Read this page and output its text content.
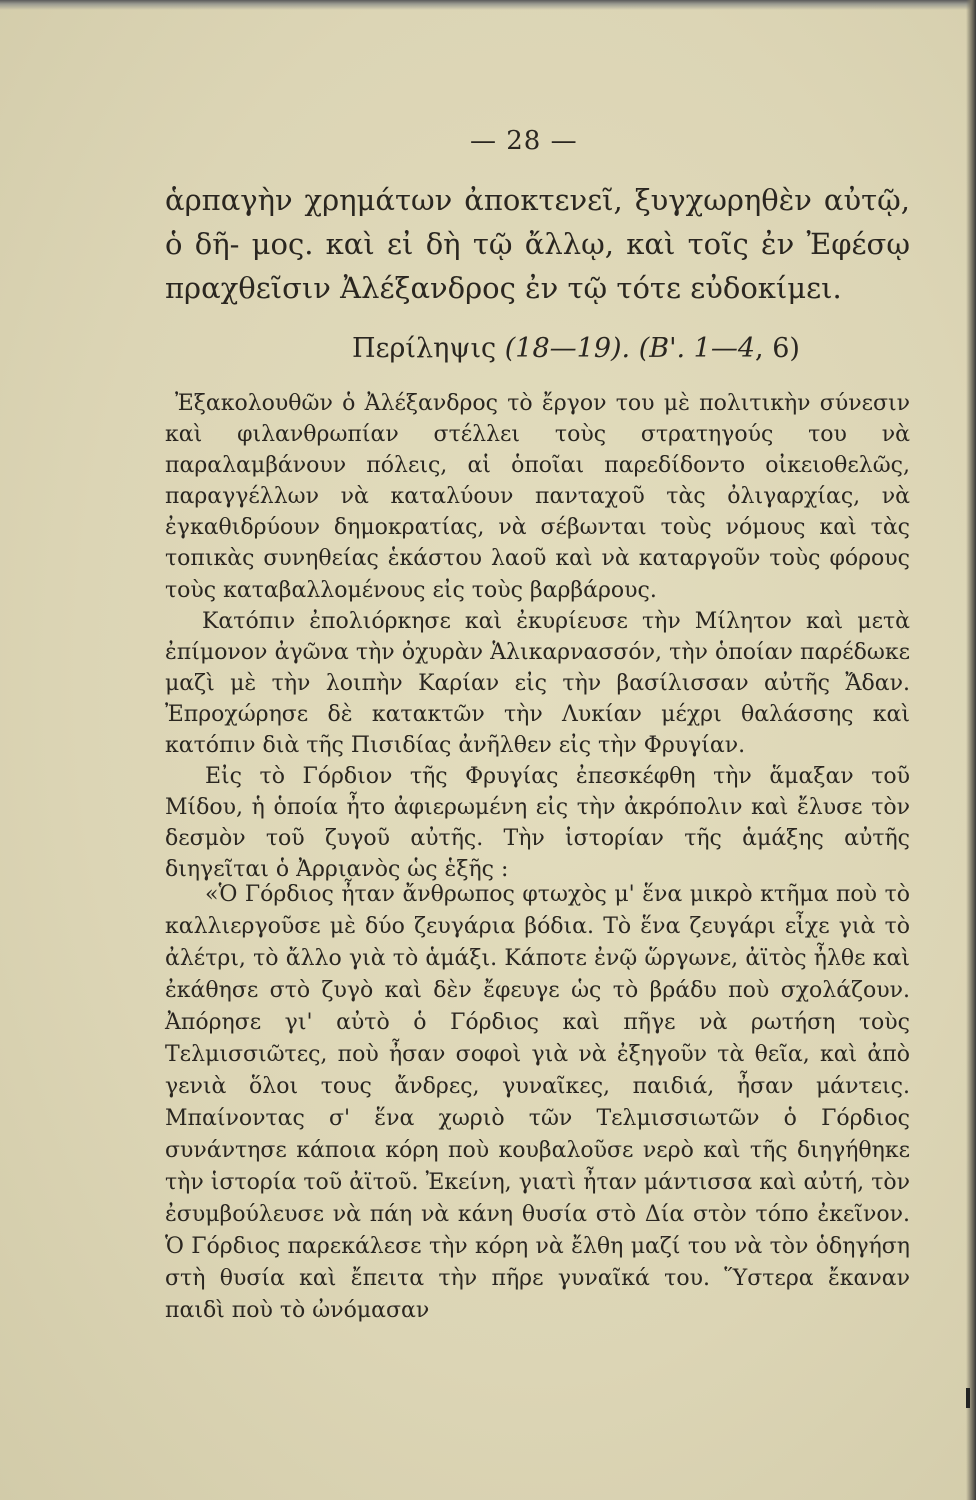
— 28 —
ἁρπαγὴν χρημάτων ἀποκτενεῖ, ξυγχωρηθὲν αὐτῷ, ὁ δῆ- μος. καὶ εἰ δὴ τῷ ἄλλῳ, καὶ τοῖς ἐν Ἐφέσῳ πραχθεῖσιν Ἀλέξανδρος ἐν τῷ τότε εὐδοκίμει.
Περίληψις (18—19). (Β'. 1—4, 6)

Ἐξακολουθῶν ὁ Ἀλέξανδρος τὸ ἔργον του μὲ πολιτικὴν σύνεσιν καὶ φιλανθρωπίαν στέλλει τοὺς στρατηγούς του νὰ παραλαμβάνουν πόλεις, αἱ ὁποῖαι παρεδίδοντο οἰκειοθελῶς, παραγγέλλων νὰ καταλύουν πανταχοῦ τὰς ὀλιγαρχίας, νὰ ἐγκαθιδρύουν δημοκρατίας, νὰ σέβωνται τοὺς νόμους καὶ τὰς τοπικὰς συνηθείας ἑκάστου λαοῦ καὶ νὰ καταργοῦν τοὺς φόρους τοὺς καταβαλλομένους εἰς τοὺς βαρβάρους.

Κατόπιν ἐπολιόρκησε καὶ ἐκυρίευσε τὴν Μίλητον καὶ μετὰ ἐπίμονον ἀγῶνα τὴν ὀχυρὰν Ἁλικαρνασσόν, τὴν ὁποίαν παρέδωκε μαζὶ μὲ τὴν λοιπὴν Καρίαν εἰς τὴν βασίλισσαν αὐτῆς Ἄδαν. Ἐπροχώρησε δὲ κατακτῶν τὴν Λυκίαν μέχρι θαλάσσης καὶ κατόπιν διὰ τῆς Πισιδίας ἀνῆλθεν εἰς τὴν Φρυγίαν.

Εἰς τὸ Γόρδιον τῆς Φρυγίας ἐπεσκέφθη τὴν ἅμαξαν τοῦ Μίδου, ἡ ὁποία ἦτο ἀφιερωμένη εἰς τὴν ἀκρόπολιν καὶ ἔλυσε τὸν δεσμὸν τοῦ ζυγοῦ αὐτῆς. Τὴν ἱστορίαν τῆς ἁμάξης αὐτῆς διηγεῖται ὁ Ἀρριανὸς ὡς ἑξῆς :

«Ὁ Γόρδιος ἦταν ἄνθρωπος φτωχὸς μ' ἕνα μικρὸ κτῆμα ποὺ τὸ καλλιεργοῦσε μὲ δύο ζευγάρια βόδια. Τὸ ἕνα ζευγάρι εἶχε γιὰ τὸ ἀλέτρι, τὸ ἄλλο γιὰ τὸ ἁμάξι. Κάποτε ἐνῷ ὥργωνε, ἀϊτὸς ἦλθε καὶ ἐκάθησε στὸ ζυγὸ καὶ δὲν ἔφευγε ὡς τὸ βράδυ ποὺ σχολάζουν. Ἀπόρησε γι' αὐτὸ ὁ Γόρδιος καὶ πῆγε νὰ ρωτήση τοὺς Τελμισσιῶτες, ποὺ ἦσαν σοφοὶ γιὰ νὰ ἐξηγοῦν τὰ θεῖα, καὶ ἀπὸ γενιὰ ὅλοι τους ἄνδρες, γυναῖκες, παιδιά, ἦσαν μάντεις. Μπαίνοντας σ' ἕνα χωριὸ τῶν Τελμισσιωτῶν ὁ Γόρδιος συνάντησε κάποια κόρη ποὺ κουβαλοῦσε νερὸ καὶ τῆς διηγήθηκε τὴν ἱστορία τοῦ ἀϊτοῦ. Ἐκείνη, γιατὶ ἦταν μάντισσα καὶ αὐτή, τὸν ἐσυμβούλευσε νὰ πάη νὰ κάνη θυσία στὸ Δία στὸν τόπο ἐκεῖνον. Ὁ Γόρδιος παρεκάλεσε τὴν κόρη νὰ ἔλθη μαζί του νὰ τὸν ὁδηγήση στὴ θυσία καὶ ἔπειτα τὴν πῆρε γυναῖκά του. Ὕστερα ἔκαναν παιδὶ ποὺ τὸ ὠνόμασαν
